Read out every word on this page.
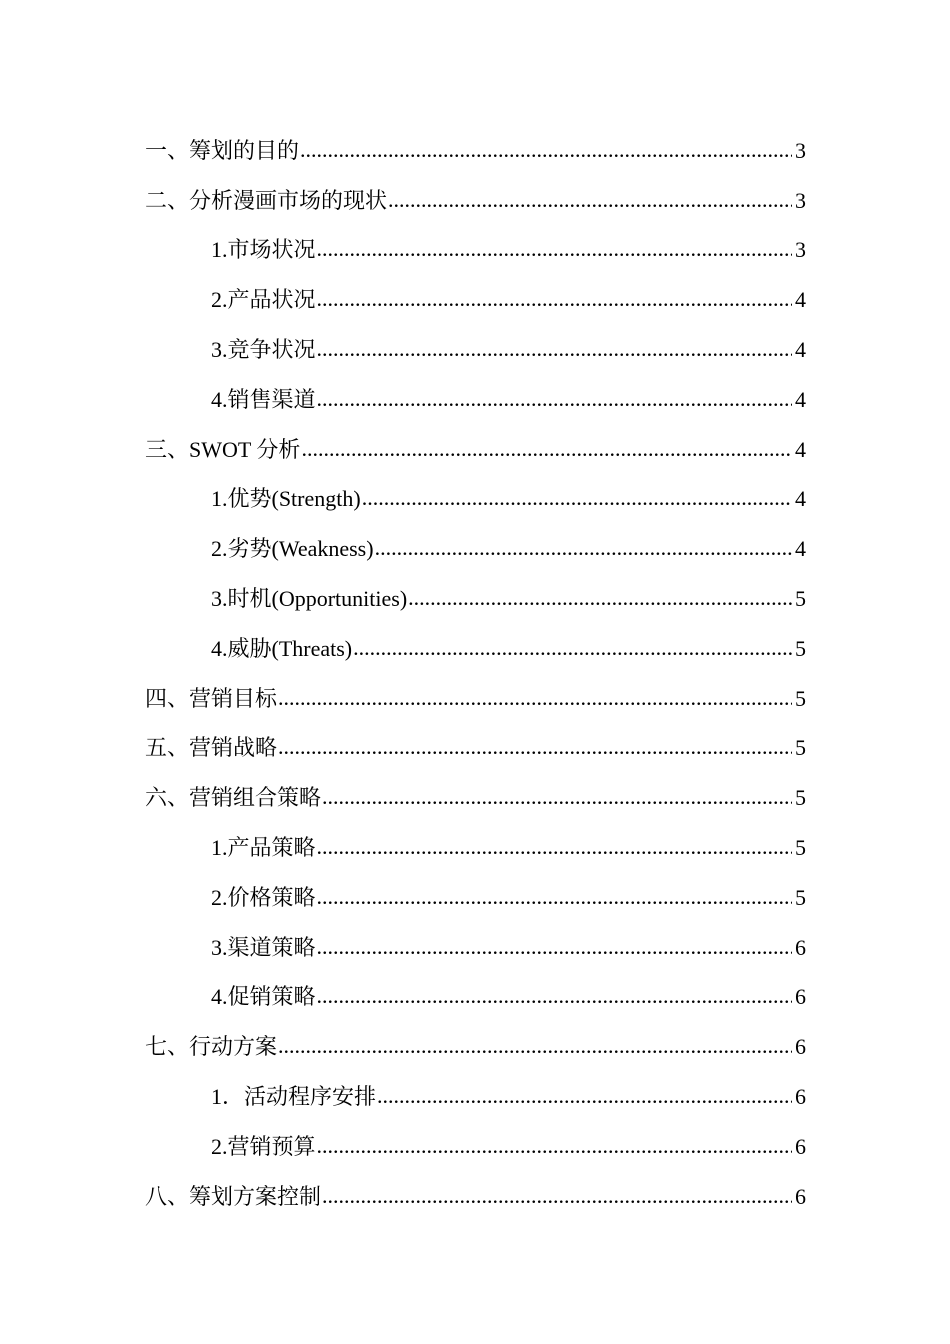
一、筹划的目的 .....	3
二、分析漫画市场的现状 .....	3
1.市场状况 .....	3
2.产品状况 .....	4
3.竞争状况 .....	4
4.销售渠道 .....	4
三、SWOT 分析 .....	4
1.优势(Strength) .....	4
2.劣势(Weakness) .....	4
3.时机(Opportunities) .....	5
4.威胁(Threats) .....	5
四、营销目标 .....	5
五、营销战略 .....	5
六、营销组合策略 .....	5
1.产品策略 .....	5
2.价格策略 .....	5
3.渠道策略 .....	6
4.促销策略 .....	6
七、行动方案 .....	6
1．活动程序安排 .....	6
2.营销预算 .....	6
八、筹划方案控制 .....	6
